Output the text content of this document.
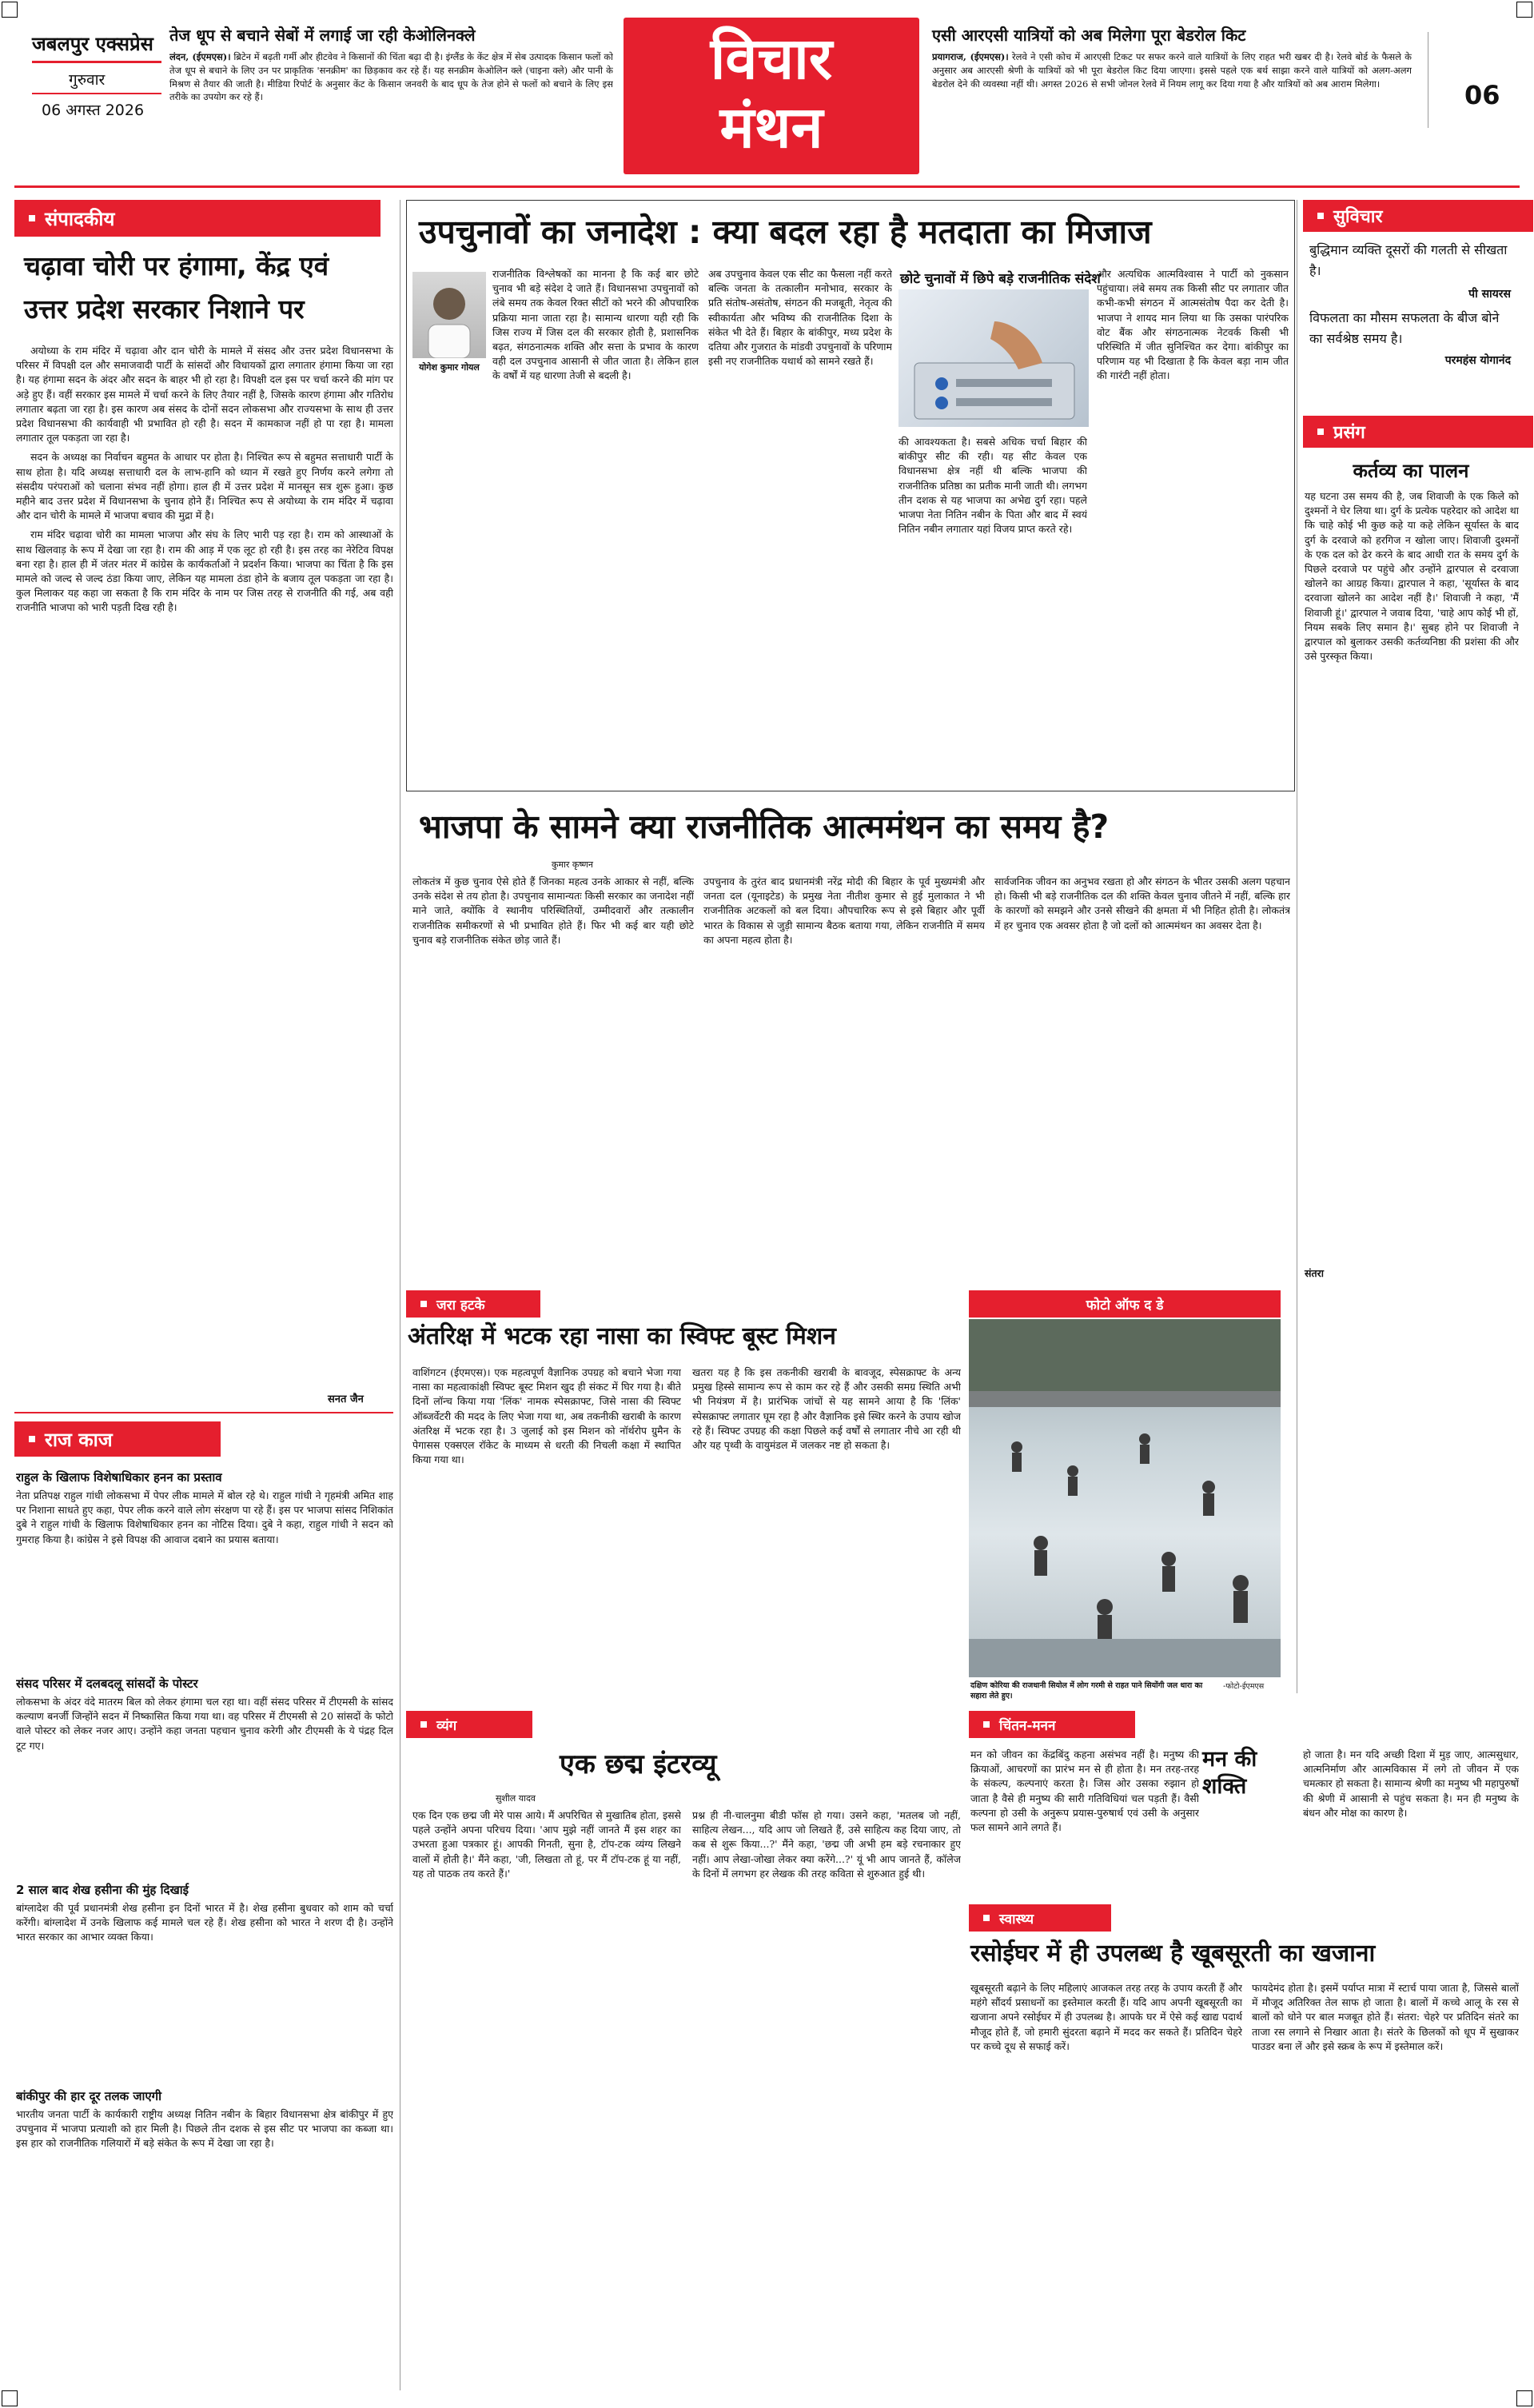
जबलपुर एक्सप्रेस
गुरुवार
06 अगस्त 2026
तेज धूप से बचाने सेबों में लगाई जा रही केओलिनक्ले
लंदन, (ईएमएस)। ब्रिटेन में बढ़ती गर्मी और हीटवेव ने किसानों की चिंता बढ़ा दी है। इंग्लैंड के केंट क्षेत्र में सेब उत्पादक किसान फलों को तेज धूप से बचाने के लिए उन पर प्राकृतिक 'सनक्रीम' का छिड़काव कर रहे हैं। यह सनक्रीम केओलिन क्ले (चाइना क्ले) और पानी के मिश्रण से तैयार की जाती है। मीडिया रिपोर्ट के अनुसार केंट के किसान जनवरी के बाद धूप के तेज होने से फलों को बचाने के लिए इस तरीके का उपयोग कर रहे हैं।
विचार
मंथन
एसी आरएसी यात्रियों को अब मिलेगा पूरा बेडरोल किट
प्रयागराज, (ईएमएस)। रेलवे ने एसी कोच में आरएसी टिकट पर सफर करने वाले यात्रियों के लिए राहत भरी खबर दी है। रेलवे बोर्ड के फैसले के अनुसार अब आरएसी श्रेणी के यात्रियों को भी पूरा बेडरोल किट दिया जाएगा। इससे पहले एक बर्थ साझा करने वाले यात्रियों को अलग-अलग बेडरोल देने की व्यवस्था नहीं थी। अगस्त 2026 से सभी जोनल रेलवे में नियम लागू कर दिया गया है और यात्रियों को अब आराम मिलेगा।	06
संपादकीय
चढ़ावा चोरी पर हंगामा, केंद्र एवं उत्तर प्रदेश सरकार निशाने पर

अयोध्या के राम मंदिर में चढ़ावा और दान चोरी के मामले में संसद और उत्तर प्रदेश विधानसभा के परिसर में विपक्षी दल और समाजवादी पार्टी के सांसदों और विधायकों द्वारा लगातार हंगामा किया जा रहा है। यह हंगामा सदन के अंदर और सदन के बाहर भी हो रहा है। विपक्षी दल इस पर चर्चा करने की मांग पर अड़े हुए हैं। वहीं सरकार इस मामले में चर्चा करने के लिए तैयार नहीं है, जिसके कारण हंगामा और गतिरोध लगातार बढ़ता जा रहा है। इस कारण अब संसद के दोनों सदन लोकसभा और राज्यसभा के साथ ही उत्तर प्रदेश विधानसभा की कार्यवाही भी प्रभावित हो रही है। सदन में कामकाज नहीं हो पा रहा है। मामला लगातार तूल पकड़ता जा रहा है।

सदन के अध्यक्ष का निर्वाचन बहुमत के आधार पर होता है। निश्चित रूप से बहुमत सत्ताधारी पार्टी के साथ होता है। यदि अध्यक्ष सत्ताधारी दल के लाभ-हानि को ध्यान में रखते हुए निर्णय करने लगेगा तो संसदीय परंपराओं को चलाना संभव नहीं होगा। हाल ही में उत्तर प्रदेश में मानसून सत्र शुरू हुआ। कुछ महीने बाद उत्तर प्रदेश में विधानसभा के चुनाव होने हैं। निश्चित रूप से अयोध्या के राम मंदिर में चढ़ावा और दान चोरी के मामले में भाजपा बचाव की मुद्रा में है।

राम मंदिर चढ़ावा चोरी का मामला भाजपा और संघ के लिए भारी पड़ रहा है। राम को आस्थाओं के साथ खिलवाड़ के रूप में देखा जा रहा है। राम की आड़ में एक लूट हो रही है। इस तरह का नेरेटिव विपक्ष बना रहा है। हाल ही में जंतर मंतर में कांग्रेस के कार्यकर्ताओं ने प्रदर्शन किया। भाजपा का चिंता है कि इस मामले को जल्द से जल्द ठंडा किया जाए, लेकिन यह मामला ठंडा होने के बजाय तूल पकड़ता जा रहा है। कुल मिलाकर यह कहा जा सकता है कि राम मंदिर के नाम पर जिस तरह से राजनीति की गई, अब वही राजनीति भाजपा को भारी पड़ती दिख रही है।

सनत जैन
राज काज
राहुल के खिलाफ विशेषाधिकार हनन का प्रस्ताव
नेता प्रतिपक्ष राहुल गांधी लोकसभा में पेपर लीक मामले में बोल रहे थे। राहुल गांधी ने गृहमंत्री अमित शाह पर निशाना साधते हुए कहा, पेपर लीक करने वाले लोग संरक्षण पा रहे हैं। इस पर भाजपा सांसद निशिकांत दुबे ने राहुल गांधी के खिलाफ विशेषाधिकार हनन का नोटिस दिया। दुबे ने कहा, राहुल गांधी ने सदन को गुमराह किया है। कांग्रेस ने इसे विपक्ष की आवाज दबाने का प्रयास बताया।
संसद परिसर में दलबदलू सांसदों के पोस्टर
लोकसभा के अंदर वंदे मातरम बिल को लेकर हंगामा चल रहा था। वहीं संसद परिसर में टीएमसी के सांसद कल्याण बनर्जी जिन्होंने सदन में निष्कासित किया गया था। वह परिसर में टीएमसी से 20 सांसदों के फोटो वाले पोस्टर को लेकर नजर आए। उन्होंने कहा जनता पहचान चुनाव करेगी और टीएमसी के ये पंद्रह दिल टूट गए।
2 साल बाद शेख हसीना की मुंह दिखाई
बांग्लादेश की पूर्व प्रधानमंत्री शेख हसीना इन दिनों भारत में है। शेख हसीना बुधवार को शाम को चर्चा करेंगी। बांग्लादेश में उनके खिलाफ कई मामले चल रहे हैं। शेख हसीना को भारत ने शरण दी है। उन्होंने भारत सरकार का आभार व्यक्त किया।
बांकीपुर की हार दूर तलक जाएगी
भारतीय जनता पार्टी के कार्यकारी राष्ट्रीय अध्यक्ष नितिन नबीन के बिहार विधानसभा क्षेत्र बांकीपुर में हुए उपचुनाव में भाजपा प्रत्याशी को हार मिली है। पिछले तीन दशक से इस सीट पर भाजपा का कब्जा था। इस हार को राजनीतिक गलियारों में बड़े संकेत के रूप में देखा जा रहा है।
उपचुनावों का जनादेश : क्या बदल रहा है मतदाता का मिजाज
योगेश कुमार गोयल
राजनीतिक विश्लेषकों का मानना है कि कई बार छोटे चुनाव भी बड़े संदेश दे जाते हैं। विधानसभा उपचुनावों को लंबे समय तक केवल रिक्त सीटों को भरने की औपचारिक प्रक्रिया माना जाता रहा है। सामान्य धारणा यही रही कि जिस राज्य में जिस दल की सरकार होती है, प्रशासनिक बढ़त, संगठनात्मक शक्ति और सत्ता के प्रभाव के कारण वही दल उपचुनाव आसानी से जीत जाता है। लेकिन हाल के वर्षों में यह धारणा तेजी से बदली है।
अब उपचुनाव केवल एक सीट का फैसला नहीं करते बल्कि जनता के तत्कालीन मनोभाव, सरकार के प्रति संतोष-असंतोष, संगठन की मजबूती, नेतृत्व की स्वीकार्यता और भविष्य की राजनीतिक दिशा के संकेत भी देते हैं। बिहार के बांकीपुर, मध्य प्रदेश के दतिया और गुजरात के मांडवी उपचुनावों के परिणाम इसी नए राजनीतिक यथार्थ को सामने रखते हैं।
छोटे चुनावों में छिपे बड़े राजनीतिक संदेश
की आवश्यकता है। सबसे अधिक चर्चा बिहार की बांकीपुर सीट की रही। यह सीट केवल एक विधानसभा क्षेत्र नहीं थी बल्कि भाजपा की राजनीतिक प्रतिष्ठा का प्रतीक मानी जाती थी। लगभग तीन दशक से यह भाजपा का अभेद्य दुर्ग रहा। पहले भाजपा नेता नितिन नबीन के पिता और बाद में स्वयं नितिन नबीन लगातार यहां विजय प्राप्त करते रहे।
और अत्यधिक आत्मविश्वास ने पार्टी को नुकसान पहुंचाया। लंबे समय तक किसी सीट पर लगातार जीत कभी-कभी संगठन में आत्मसंतोष पैदा कर देती है। भाजपा ने शायद मान लिया था कि उसका पारंपरिक वोट बैंक और संगठनात्मक नेटवर्क किसी भी परिस्थिति में जीत सुनिश्चित कर देगा। बांकीपुर का परिणाम यह भी दिखाता है कि केवल बड़ा नाम जीत की गारंटी नहीं होता।
भाजपा के सामने क्या राजनीतिक आत्ममंथन का समय है?
कुमार कृष्णन
लोकतंत्र में कुछ चुनाव ऐसे होते हैं जिनका महत्व उनके आकार से नहीं, बल्कि उनके संदेश से तय होता है। उपचुनाव सामान्यतः किसी सरकार का जनादेश नहीं माने जाते, क्योंकि वे स्थानीय परिस्थितियों, उम्मीदवारों और तत्कालीन राजनीतिक समीकरणों से भी प्रभावित होते हैं। फिर भी कई बार यही छोटे चुनाव बड़े राजनीतिक संकेत छोड़ जाते हैं।
उपचुनाव के तुरंत बाद प्रधानमंत्री नरेंद्र मोदी की बिहार के पूर्व मुख्यमंत्री और जनता दल (यूनाइटेड) के प्रमुख नेता नीतीश कुमार से हुई मुलाकात ने भी राजनीतिक अटकलों को बल दिया। औपचारिक रूप से इसे बिहार और पूर्वी भारत के विकास से जुड़ी सामान्य बैठक बताया गया, लेकिन राजनीति में समय का अपना महत्व होता है।
सार्वजनिक जीवन का अनुभव रखता हो और संगठन के भीतर उसकी अलग पहचान हो। किसी भी बड़े राजनीतिक दल की शक्ति केवल चुनाव जीतने में नहीं, बल्कि हार के कारणों को समझने और उनसे सीखने की क्षमता में भी निहित होती है। लोकतंत्र में हर चुनाव एक अवसर होता है जो दलों को आत्ममंथन का अवसर देता है।
जरा हटके
अंतरिक्ष में भटक रहा नासा का स्विफ्ट बूस्ट मिशन
वाशिंगटन (ईएमएस)। एक महत्वपूर्ण वैज्ञानिक उपग्रह को बचाने भेजा गया नासा का महत्वाकांक्षी स्विफ्ट बूस्ट मिशन खुद ही संकट में घिर गया है। बीते दिनों लॉन्च किया गया 'लिंक' नामक स्पेसक्राफ्ट, जिसे नासा की स्विफ्ट ऑब्जर्वेटरी की मदद के लिए भेजा गया था, अब तकनीकी खराबी के कारण अंतरिक्ष में भटक रहा है। 3 जुलाई को इस मिशन को नॉर्थरोप ग्रुमैन के पेगासस एक्सएल रॉकेट के माध्यम से धरती की निचली कक्षा में स्थापित किया गया था।
खतरा यह है कि इस तकनीकी खराबी के बावजूद, स्पेसक्राफ्ट के अन्य प्रमुख हिस्से सामान्य रूप से काम कर रहे हैं और उसकी समग्र स्थिति अभी भी नियंत्रण में है। प्रारंभिक जांचों से यह सामने आया है कि 'लिंक' स्पेसक्राफ्ट लगातार घूम रहा है और वैज्ञानिक इसे स्थिर करने के उपाय खोज रहे हैं। स्विफ्ट उपग्रह की कक्षा पिछले कई वर्षों से लगातार नीचे आ रही थी और यह पृथ्वी के वायुमंडल में जलकर नष्ट हो सकता है।
फोटो ऑफ द डे
दक्षिण कोरिया की राजधानी सियोल में लोग गरमी से राहत पाने सियोंगी जल धारा का सहारा लेते हुए।
-फोटो-ईएमएस
व्यंग
एक छद्म इंटरव्यू
सुशील यादव
एक दिन एक छद्म जी मेरे पास आये। मैं अपरिचित से मुखातिब होता, इससे पहले उन्होंने अपना परिचय दिया। 'आप मुझे नहीं जानते मैं इस शहर का उभरता हुआ पत्रकार हूं। आपकी गिनती, सुना है, टॉप-टक व्यंग्य लिखने वालों में होती है।' मैंने कहा, 'जी, लिखता तो हूं, पर मैं टॉप-टक हूं या नहीं, यह तो पाठक तय करते हैं।'
प्रश्न ही नी-चालनुमा बीडी फॉस हो गया। उसने कहा, 'मतलब जो नहीं, साहित्य लेखन..., यदि आप जो लिखते हैं, उसे साहित्य कह दिया जाए, तो कब से शुरू किया...?' मैंने कहा, 'छद्म जी अभी हम बड़े रचनाकार हुए नहीं। आप लेखा-जोखा लेकर क्या करेंगे...?' यूं भी आप जानते हैं, कॉलेज के दिनों में लगभग हर लेखक की तरह कविता से शुरुआत हुई थी।
चिंतन-मनन
मन को जीवन का केंद्रबिंदु कहना असंभव नहीं है। मनुष्य की क्रियाओं, आचरणों का प्रारंभ मन से ही होता है। मन तरह-तरह के संकल्प, कल्पनाएं करता है। जिस ओर उसका रुझान हो जाता है वैसे ही मनुष्य की सारी गतिविधियां चल पड़ती हैं। वैसी कल्पना हो उसी के अनुरूप प्रयास-पुरुषार्थ एवं उसी के अनुसार फल सामने आने लगते हैं।
मन की शक्ति
हो जाता है। मन यदि अच्छी दिशा में मुड़ जाए, आत्मसुधार, आत्मनिर्माण और आत्मविकास में लगे तो जीवन में एक चमत्कार हो सकता है। सामान्य श्रेणी का मनुष्य भी महापुरुषों की श्रेणी में आसानी से पहुंच सकता है। मन ही मनुष्य के बंधन और मोक्ष का कारण है।
स्वास्थ्य
रसोईघर में ही उपलब्ध है खूबसूरती का खजाना
खूबसूरती बढ़ाने के लिए महिलाएं आजकल तरह तरह के उपाय करती हैं और महंगे सौंदर्य प्रसाधनों का इस्तेमाल करती हैं। यदि आप अपनी खूबसूरती का खजाना अपने रसोईघर में ही उपलब्ध है। आपके घर में ऐसे कई खाद्य पदार्थ मौजूद होते हैं, जो हमारी सुंदरता बढ़ाने में मदद कर सकते हैं। प्रतिदिन चेहरे पर कच्चे दूध से सफाई करें।
फायदेमंद होता है। इसमें पर्याप्त मात्रा में स्टार्च पाया जाता है, जिससे बालों में मौजूद अतिरिक्त तेल साफ हो जाता है। बालों में कच्चे आलू के रस से बालों को धोने पर बाल मजबूत होते हैं। संतरा: चेहरे पर प्रतिदिन संतरे का ताजा रस लगाने से निखार आता है। संतरे के छिलकों को धूप में सुखाकर पाउडर बना लें और इसे स्क्रब के रूप में इस्तेमाल करें।
सुविचार
बुद्धिमान व्यक्ति दूसरों की गलती से सीखता है।
पी सायरस
विफलता का मौसम सफलता के बीज बोने का सर्वश्रेष्ठ समय है।
परमहंस योगानंद
प्रसंग
कर्तव्य का पालन
यह घटना उस समय की है, जब शिवाजी के एक किले को दुश्मनों ने घेर लिया था। दुर्ग के प्रत्येक पहरेदार को आदेश था कि चाहे कोई भी कुछ कहे या कहे लेकिन सूर्यास्त के बाद दुर्ग के दरवाजे को हरगिज न खोला जाए। शिवाजी दुश्मनों के एक दल को ढेर करने के बाद आधी रात के समय दुर्ग के पिछले दरवाजे पर पहुंचे और उन्होंने द्वारपाल से दरवाजा खोलने का आग्रह किया। द्वारपाल ने कहा, 'सूर्यास्त के बाद दरवाजा खोलने का आदेश नहीं है।' शिवाजी ने कहा, 'मैं शिवाजी हूं।' द्वारपाल ने जवाब दिया, 'चाहे आप कोई भी हों, नियम सबके लिए समान है।' सुबह होने पर शिवाजी ने द्वारपाल को बुलाकर उसकी कर्तव्यनिष्ठा की प्रशंसा की और उसे पुरस्कृत किया।
संतरा
